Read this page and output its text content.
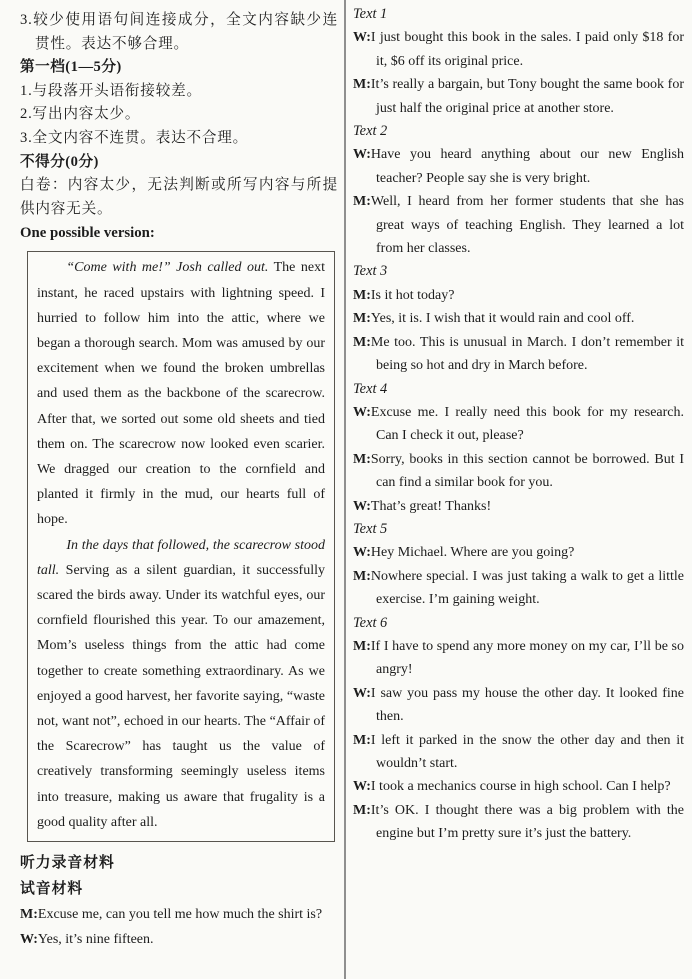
3.较少使用语句间连接成分，全文内容缺少连贯性。表达不够合理。
第一档(1—5分)
1.与段落开头语衔接较差。
2.写出内容太少。
3.全文内容不连贯。表达不合理。
不得分(0分)
白卷：内容太少，无法判断或所写内容与所提供内容无关。
One possible version:

“Come with me!” Josh called out. The next instant, he raced upstairs with lightning speed. I hurried to follow him into the attic, where we began a thorough search. Mom was amused by our excitement when we found the broken umbrellas and used them as the backbone of the scarecrow. After that, we sorted out some old sheets and tied them on. The scarecrow now looked even scarier. We dragged our creation to the cornfield and planted it firmly in the mud, our hearts full of hope.

In the days that followed, the scarecrow stood tall. Serving as a silent guardian, it successfully scared the birds away. Under its watchful eyes, our cornfield flourished this year. To our amazement, Mom’s useless things from the attic had come together to create something extraordinary. As we enjoyed a good harvest, her favorite saying, “waste not, want not”, echoed in our hearts. The “Affair of the Scarecrow” has taught us the value of creatively transforming seemingly useless items into treasure, making us aware that frugality is a good quality after all.

听力录音材料
试音材料
M:Excuse me, can you tell me how much the shirt is?
W:Yes, it’s nine fifteen.
Text 1
W:I just bought this book in the sales. I paid only $18 for it, $6 off its original price.
M:It’s really a bargain, but Tony bought the same book for just half the original price at another store.
Text 2
W:Have you heard anything about our new English teacher? People say she is very bright.
M:Well, I heard from her former students that she has great ways of teaching English. They learned a lot from her classes.
Text 3
M:Is it hot today?
M:Yes, it is. I wish that it would rain and cool off.
M:Me too. This is unusual in March. I don’t remember it being so hot and dry in March before.
Text 4
W:Excuse me. I really need this book for my research. Can I check it out, please?
M:Sorry, books in this section cannot be borrowed. But I can find a similar book for you.
W:That’s great! Thanks!
Text 5
W:Hey Michael. Where are you going?
M:Nowhere special. I was just taking a walk to get a little exercise. I’m gaining weight.
Text 6
M:If I have to spend any more money on my car, I’ll be so angry!
W:I saw you pass my house the other day. It looked fine then.
M:I left it parked in the snow the other day and then it wouldn’t start.
W:I took a mechanics course in high school. Can I help?
M:It’s OK. I thought there was a big problem with the engine but I’m pretty sure it’s just the battery.
